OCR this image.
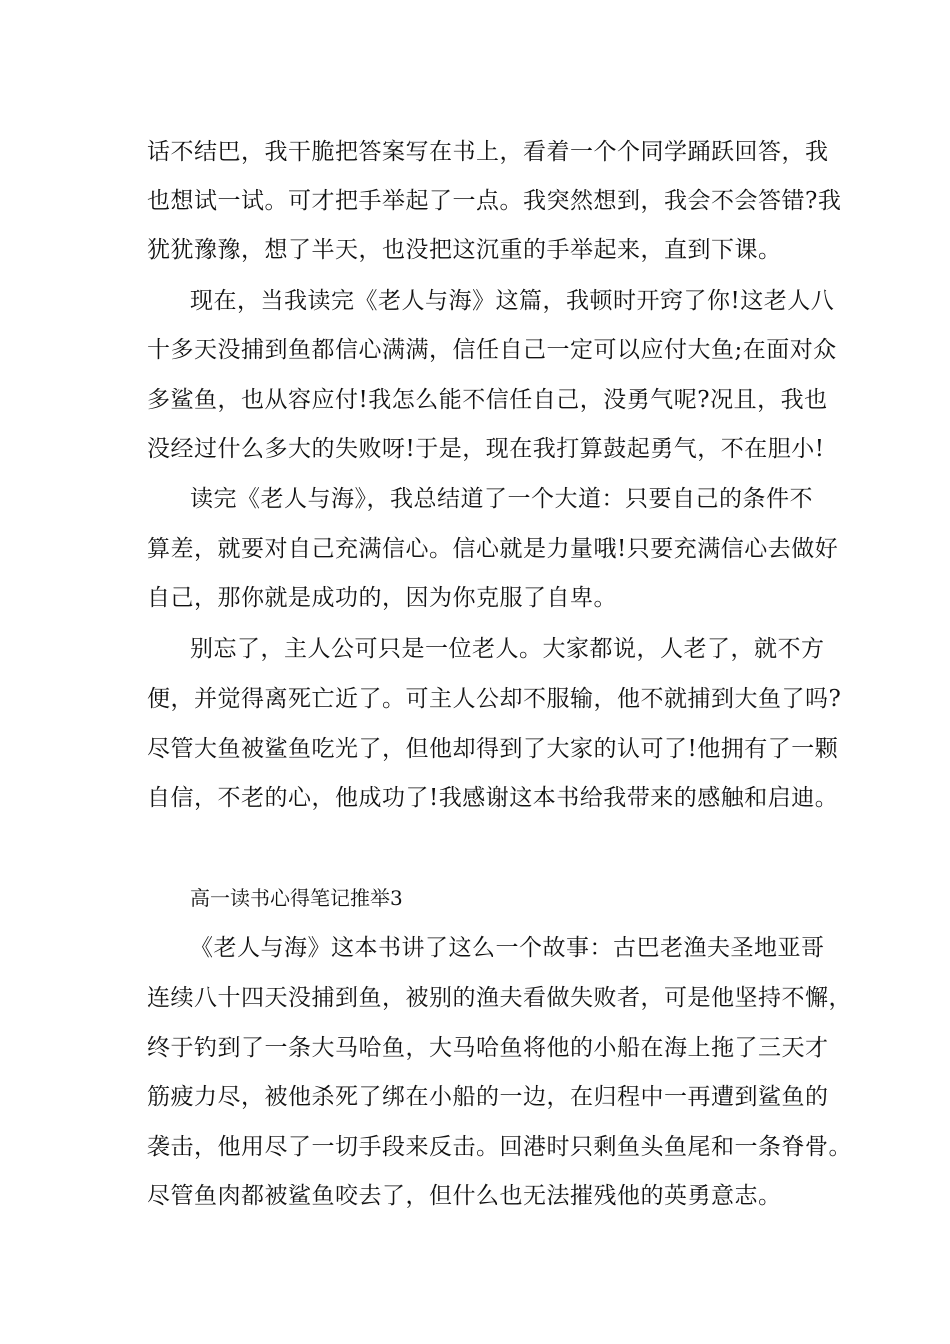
话不结巴，我干脆把答案写在书上，看着一个个同学踊跃回答，我
也想试一试。可才把手举起了一点。我突然想到，我会不会答错?我
犹犹豫豫，想了半天，也没把这沉重的手举起来，直到下课。
现在，当我读完《老人与海》这篇，我顿时开窍了你!这老人八
十多天没捕到鱼都信心满满，信任自己一定可以应付大鱼;在面对众
多鲨鱼，也从容应付!我怎么能不信任自己，没勇气呢?况且，我也
没经过什么多大的失败呀!于是，现在我打算鼓起勇气，不在胆小!
读完《老人与海》，我总结道了一个大道：只要自己的条件不
算差，就要对自己充满信心。信心就是力量哦!只要充满信心去做好
自己，那你就是成功的，因为你克服了自卑。
别忘了，主人公可只是一位老人。大家都说，人老了，就不方
便，并觉得离死亡近了。可主人公却不服输，他不就捕到大鱼了吗?
尽管大鱼被鲨鱼吃光了，但他却得到了大家的认可了!他拥有了一颗
自信，不老的心，他成功了!我感谢这本书给我带来的感触和启迪。
高一读书心得笔记推举3
《老人与海》这本书讲了这么一个故事：古巴老渔夫圣地亚哥
连续八十四天没捕到鱼，被别的渔夫看做失败者，可是他坚持不懈，
终于钓到了一条大马哈鱼，大马哈鱼将他的小船在海上拖了三天才
筋疲力尽，被他杀死了绑在小船的一边，在归程中一再遭到鲨鱼的
袭击，他用尽了一切手段来反击。回港时只剩鱼头鱼尾和一条脊骨。
尽管鱼肉都被鲨鱼咬去了，但什么也无法摧残他的英勇意志。
